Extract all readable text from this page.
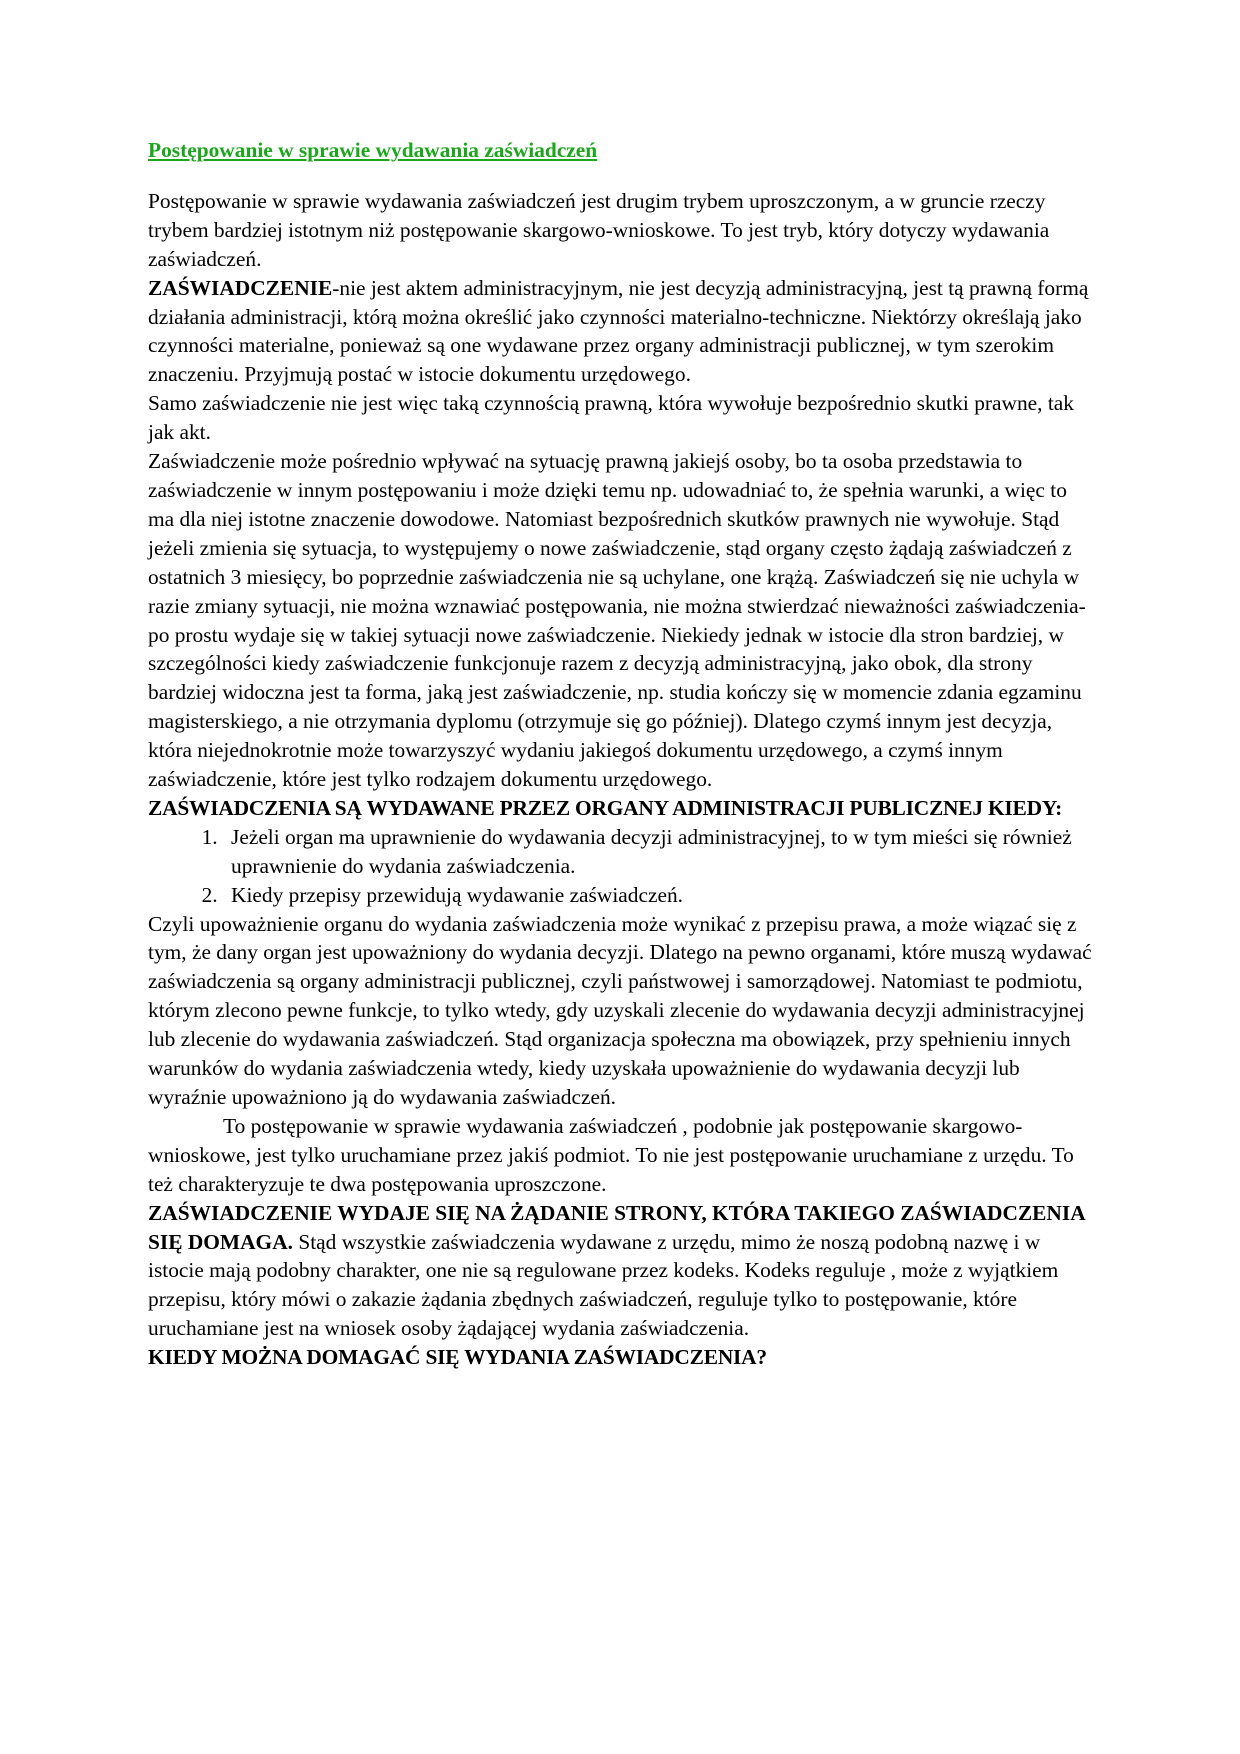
Postępowanie w sprawie wydawania zaświadczeń

Postępowanie w sprawie wydawania zaświadczeń jest drugim trybem uproszczonym, a w gruncie rzeczy trybem bardziej istotnym niż postępowanie skargowo-wnioskowe. To jest tryb, który dotyczy wydawania zaświadczeń.

ZAŚWIADCZENIE-nie jest aktem administracyjnym, nie jest decyzją administracyjną, jest tą prawną formą działania administracji, którą można określić jako czynności materialno-techniczne. Niektórzy określają jako czynności materialne, ponieważ są one wydawane przez organy administracji publicznej, w tym szerokim znaczeniu. Przyjmują postać w istocie dokumentu urzędowego.

Samo zaświadczenie nie jest więc taką czynnością prawną, która wywołuje bezpośrednio skutki prawne, tak jak akt.

Zaświadczenie może pośrednio wpływać na sytuację prawną jakiejś osoby, bo ta osoba przedstawia to zaświadczenie w innym postępowaniu i może dzięki temu np. udowadniać to, że spełnia warunki, a więc to ma dla niej istotne znaczenie dowodowe. Natomiast bezpośrednich skutków prawnych nie wywołuje. Stąd jeżeli zmienia się sytuacja, to występujemy o nowe zaświadczenie, stąd organy często żądają zaświadczeń z ostatnich 3 miesięcy, bo poprzednie zaświadczenia nie są uchylane, one krążą. Zaświadczeń się nie uchyla w razie zmiany sytuacji, nie można wznawiać postępowania, nie można stwierdzać nieważności zaświadczenia-po prostu wydaje się w takiej sytuacji nowe zaświadczenie. Niekiedy jednak w istocie dla stron bardziej, w szczególności kiedy zaświadczenie funkcjonuje razem z decyzją administracyjną, jako obok, dla strony bardziej widoczna jest ta forma, jaką jest zaświadczenie, np. studia kończy się w momencie zdania egzaminu magisterskiego, a nie otrzymania dyplomu (otrzymuje się go później). Dlatego czymś innym jest decyzja, która niejednokrotnie może towarzyszyć wydaniu jakiegoś dokumentu urzędowego, a czymś innym zaświadczenie, które jest tylko rodzajem dokumentu urzędowego.

ZAŚWIADCZENIA SĄ WYDAWANE PRZEZ ORGANY ADMINISTRACJI PUBLICZNEJ KIEDY:

1. Jeżeli organ ma uprawnienie do wydawania decyzji administracyjnej, to w tym mieści się również uprawnienie do wydania zaświadczenia.
2. Kiedy przepisy przewidują wydawanie zaświadczeń.

Czyli upoważnienie organu do wydania zaświadczenia może wynikać z przepisu prawa, a może wiązać się z tym, że dany organ jest upoważniony do wydania decyzji. Dlatego na pewno organami, które muszą wydawać zaświadczenia są organy administracji publicznej, czyli państwowej i samorządowej. Natomiast te podmiotu, którym zlecono pewne funkcje, to tylko wtedy, gdy uzyskali zlecenie do wydawania decyzji administracyjnej lub zlecenie do wydawania zaświadczeń. Stąd organizacja społeczna ma obowiązek, przy spełnieniu innych warunków do wydania zaświadczenia wtedy, kiedy uzyskała upoważnienie do wydawania decyzji lub wyraźnie upoważniono ją do wydawania zaświadczeń.

To postępowanie w sprawie wydawania zaświadczeń , podobnie jak postępowanie skargowo-wnioskowe, jest tylko uruchamiane przez jakiś podmiot. To nie jest postępowanie uruchamiane z urzędu. To też charakteryzuje te dwa postępowania uproszczone.

ZAŚWIADCZENIE WYDAJE SIĘ NA ŻĄDANIE STRONY, KTÓRA TAKIEGO ZAŚWIADCZENIA SIĘ DOMAGA. Stąd wszystkie zaświadczenia wydawane z urzędu, mimo że noszą podobną nazwę i w istocie mają podobny charakter, one nie są regulowane przez kodeks. Kodeks reguluje , może z wyjątkiem przepisu, który mówi o zakazie żądania zbędnych zaświadczeń, reguluje tylko to postępowanie, które uruchamiane jest na wniosek osoby żądającej wydania zaświadczenia.

KIEDY MOŻNA DOMAGAĆ SIĘ WYDANIA ZAŚWIADCZENIA?
